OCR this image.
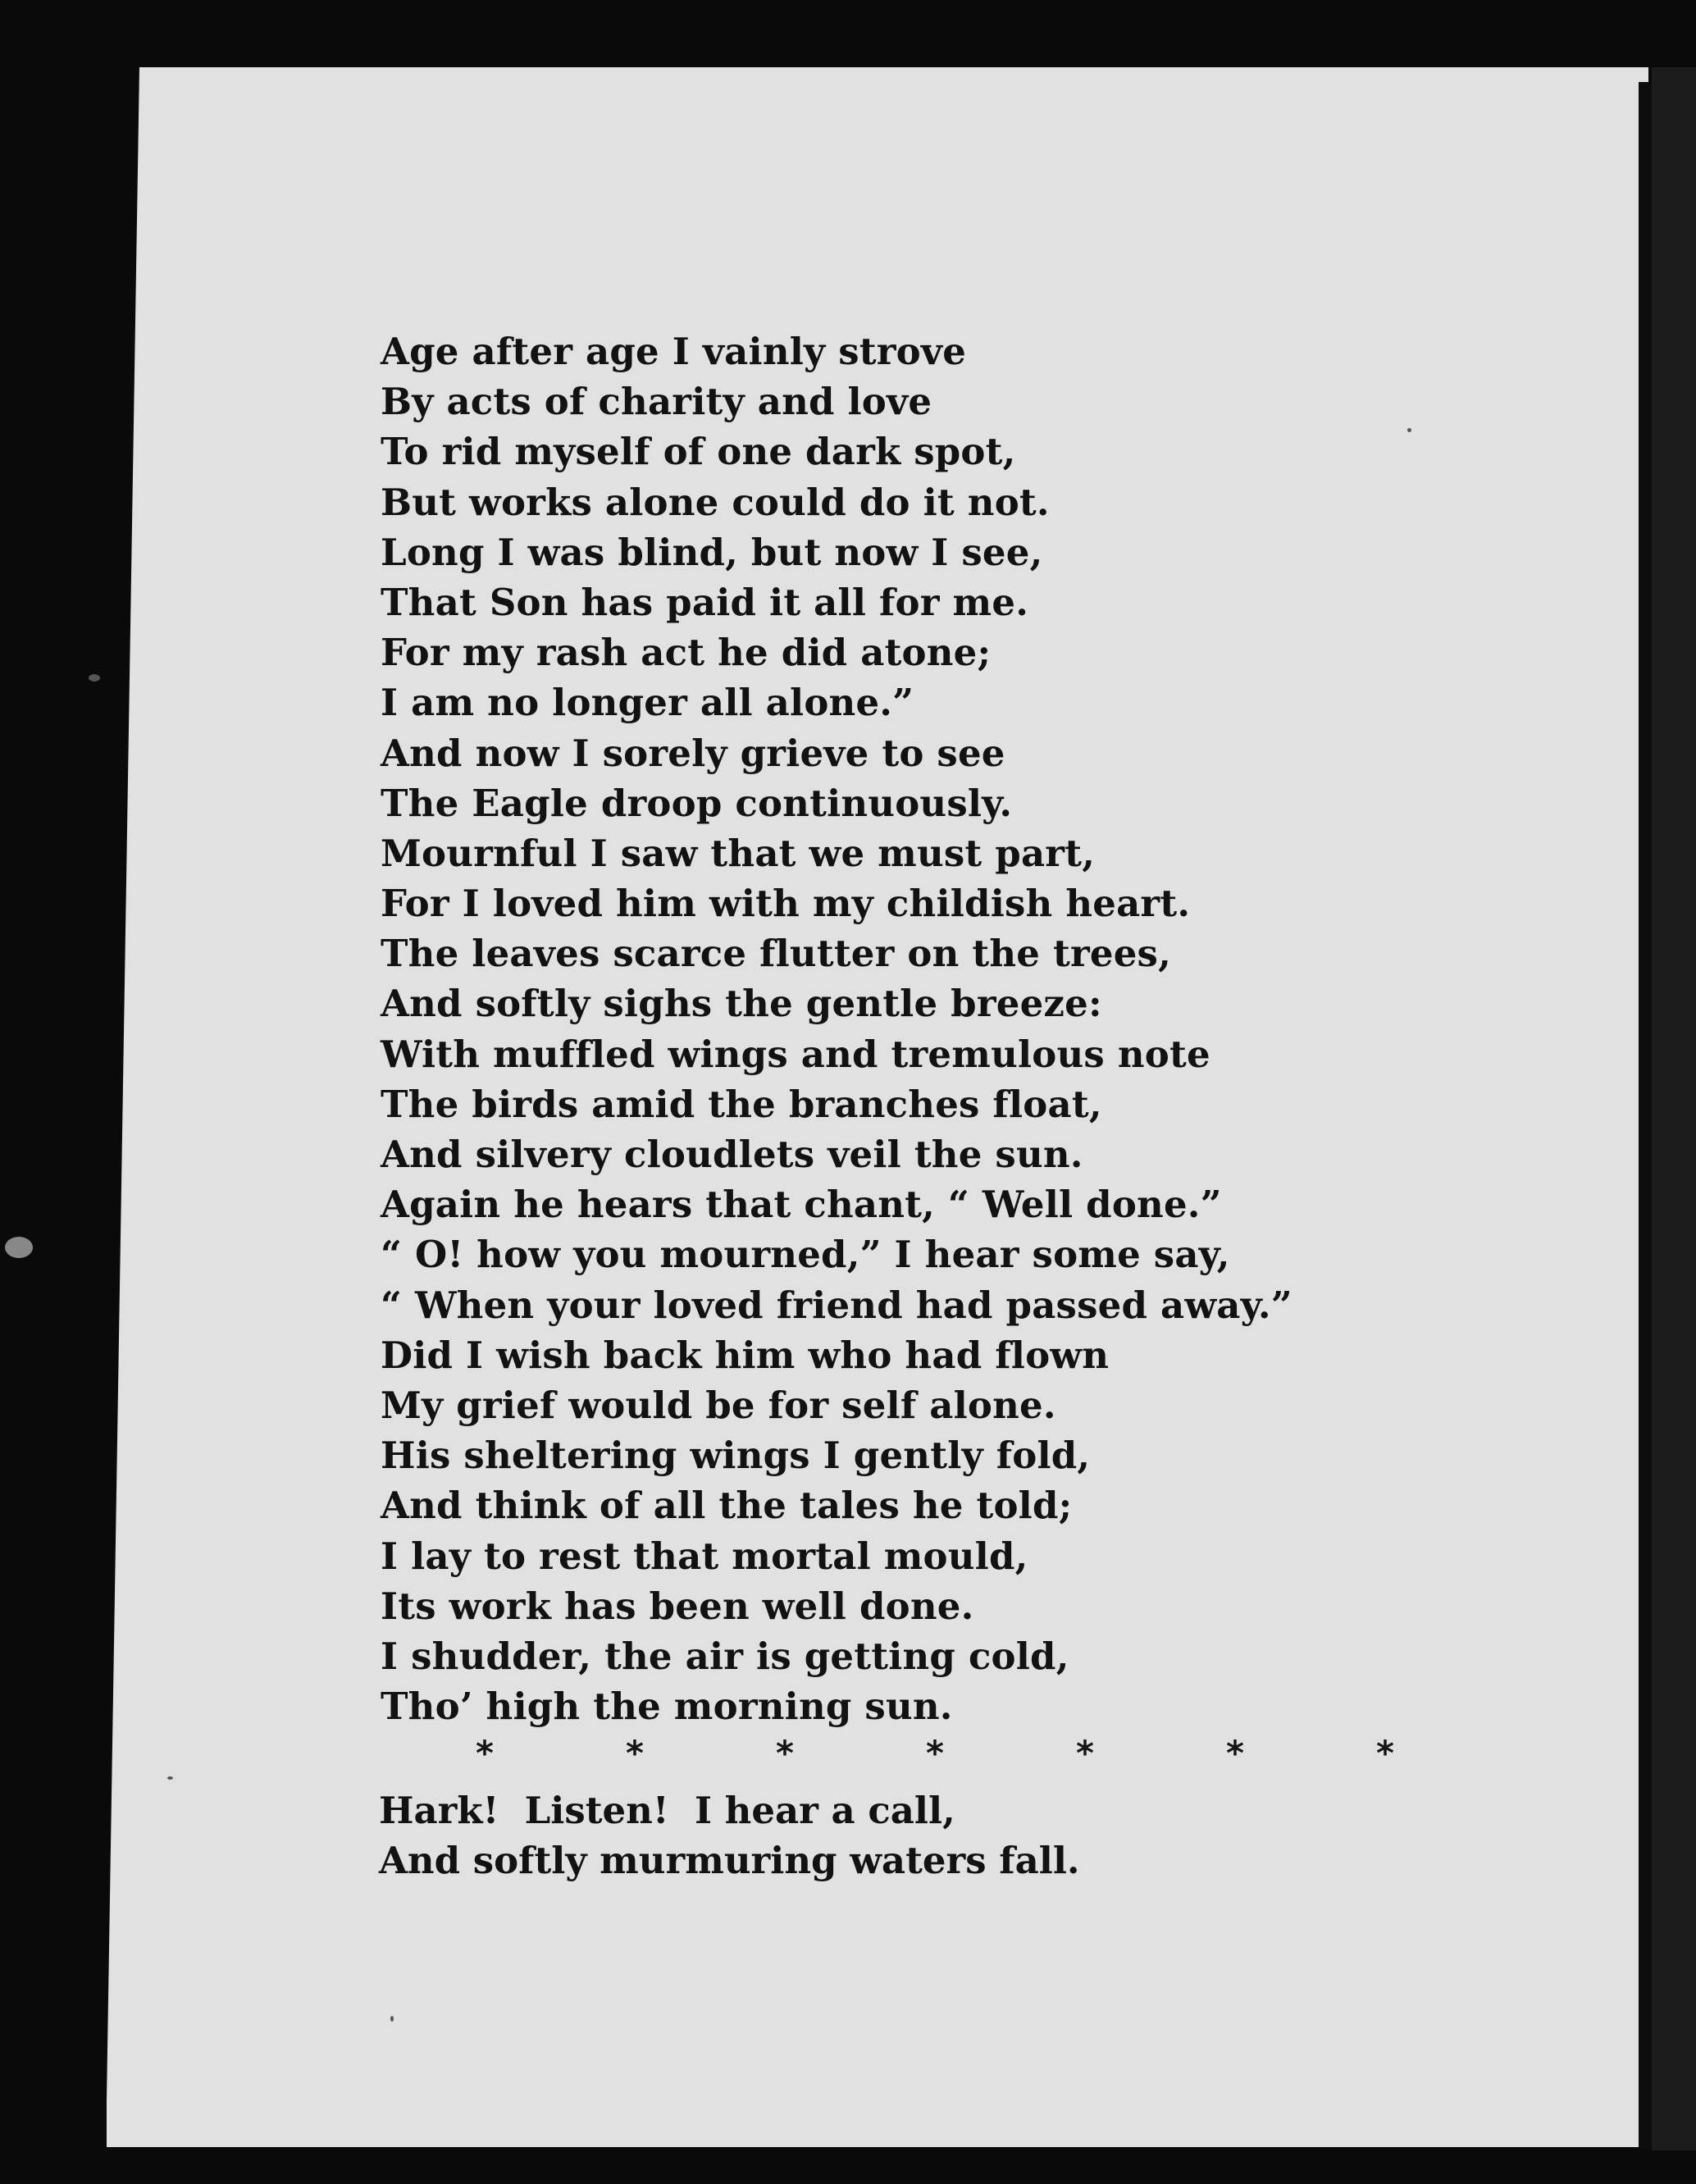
Age after age I vainly strove
By acts of charity and love
To rid myself of one dark spot,
But works alone could do it not.
Long I was blind, but now I see,
That Son has paid it all for me.
For my rash act he did atone;
I am no longer all alone.”
And now I sorely grieve to see
The Eagle droop continuously.
Mournful I saw that we must part,
For I loved him with my childish heart.
The leaves scarce flutter on the trees,
And softly sighs the gentle breeze:
With muffled wings and tremulous note
The birds amid the branches float,
And silvery cloudlets veil the sun.
Again he hears that chant, “ Well done.”
“ O! how you mourned,” I hear some say,
“ When your loved friend had passed away.”
Did I wish back him who had flown
My grief would be for self alone.
His sheltering wings I gently fold,
And think of all the tales he told;
I lay to rest that mortal mould,
Its work has been well done.
I shudder, the air is getting cold,
Tho’ high the morning sun.
*	*	*	*	*	*	*
Hark!  Listen!  I hear a call,
And softly murmuring waters fall.
